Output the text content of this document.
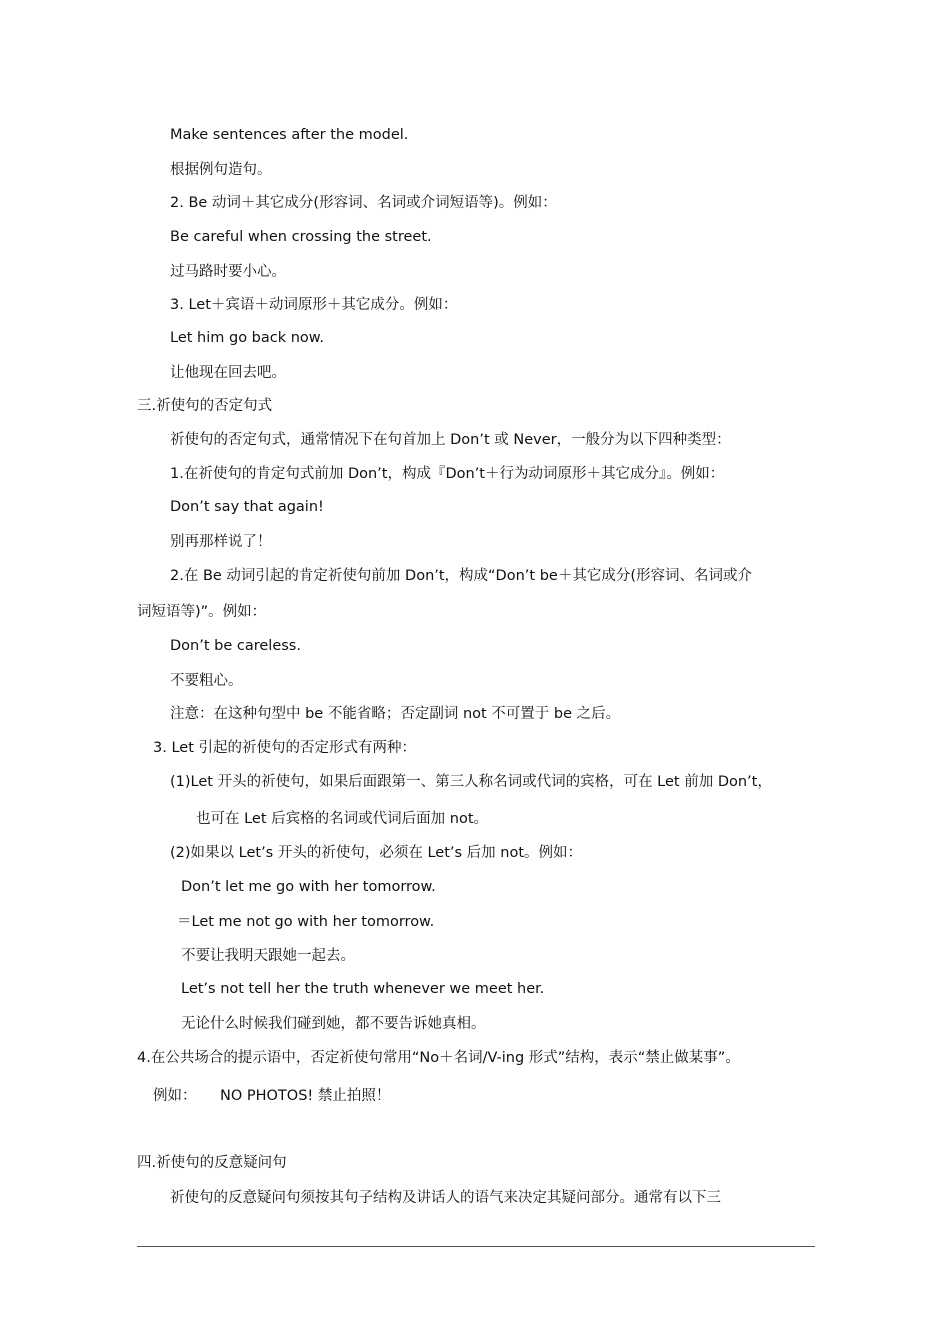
Make sentences after the model.
根据例句造句。
2. Be 动词＋其它成分(形容词、名词或介词短语等)。例如：
Be careful when crossing the street.
过马路时要小心。
3. Let＋宾语＋动词原形＋其它成分。例如：
Let him go back now.
让他现在回去吧。
三.祈使句的否定句式
祈使句的否定句式，通常情况下在句首加上 Don’t 或 Never，一般分为以下四种类型：
1.在祈使句的肯定句式前加 Don’t，构成『Don’t＋行为动词原形＋其它成分』。例如：
Don’t say that again!
别再那样说了！
2.在 Be 动词引起的肯定祈使句前加 Don’t，构成“Don’t be＋其它成分(形容词、名词或介
词短语等)”。例如：
Don’t be careless.
不要粗心。
注意：在这种句型中 be 不能省略；否定副词 not 不可置于 be 之后。
3. Let 引起的祈使句的否定形式有两种：
(1)Let 开头的祈使句，如果后面跟第一、第三人称名词或代词的宾格，可在 Let 前加 Don’t，
也可在 Let 后宾格的名词或代词后面加 not。
(2)如果以 Let’s 开头的祈使句，必须在 Let’s 后加 not。例如：
Don’t let me go with her tomorrow.
＝Let me not go with her tomorrow.
不要让我明天跟她一起去。
Let’s not tell her the truth whenever we meet her.
无论什么时候我们碰到她，都不要告诉她真相。
4.在公共场合的提示语中，否定祈使句常用“No＋名词/V-ing 形式”结构，表示“禁止做某事”。
例如： NO PHOTOS! 禁止拍照！
四.祈使句的反意疑问句
祈使句的反意疑问句须按其句子结构及讲话人的语气来决定其疑问部分。通常有以下三
